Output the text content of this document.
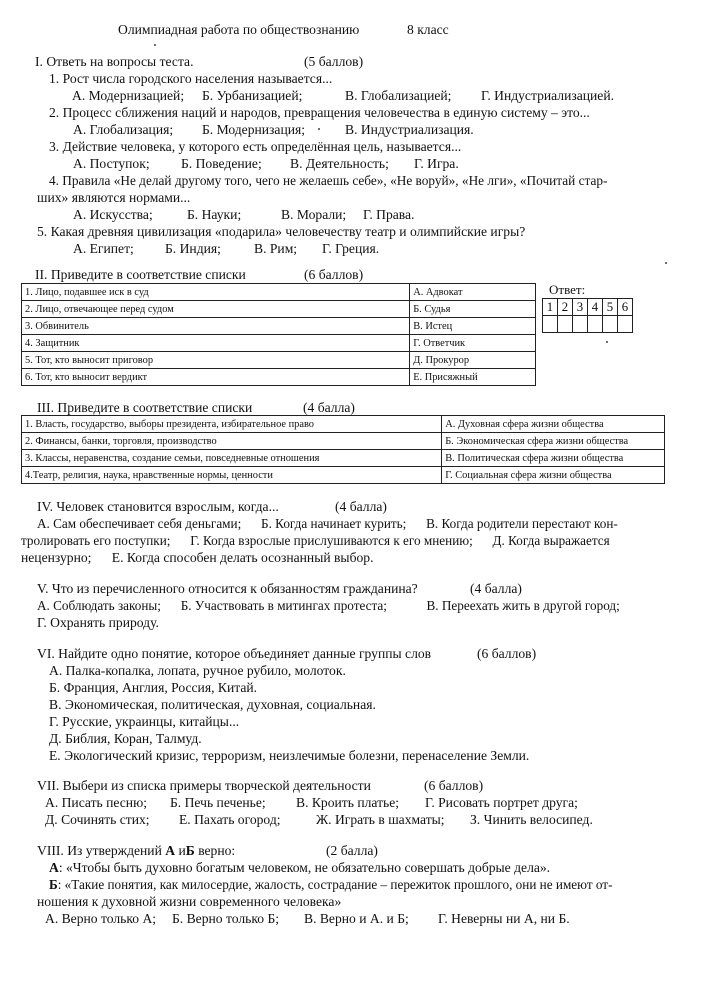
Олимпиадная работа по обществознанию	8 класс
I. Ответь на вопросы теста.	(5 баллов)
1. Рост числа городского населения называется...
А. Модернизацией; Б. Урбанизацией;	В. Глобализацией; Г. Индустриализацией.
2. Процесс сближения наций и народов, превращения человечества в единую систему – это...
А. Глобализация; Б. Модернизация;	В. Индустриализация.
3. Действие человека, у которого есть определённая цель, называется...
А. Поступок; Б. Поведение; В. Деятельность; Г. Игра.
4. Правила «Не делай другому того, чего не желаешь себе», «Не воруй», «Не лги», «Почитай стар-
ших» являются нормами...
А. Искусства;	Б. Науки;	В. Морали; Г. Права.
5. Какая древняя цивилизация «подарила» человечеству театр и олимпийские игры?
А. Египет; Б. Индия; В. Рим; Г. Греция.
II. Приведите в соответствие списки	(6 баллов)
1. Лицо, подавшее иск в суд	А. Адвокат
2. Лицо, отвечающее перед судом	Б. Судья
3. Обвинитель	В. Истец
4. Защитник	Г. Ответчик
5. Тот, кто выносит приговор	Д. Прокурор
6. Тот, кто выносит вердикт	Е. Присяжный
Ответ:
1	2	3	4	5	6

III. Приведите в соответствие списки	(4 балла)
1. Власть, государство, выборы президента, избирательное право	А. Духовная сфера жизни общества
2. Финансы, банки, торговля, производство	Б. Экономическая сфера жизни общества
3. Классы, неравенства, создание семьи, повседневные отношения	В. Политическая сфера жизни общества
4.Театр, религия, наука, нравственные нормы, ценности	Г. Социальная сфера жизни общества
IV. Человек становится взрослым, когда...	(4 балла)
А. Сам обеспечивает себя деньгами;      Б. Когда начинает курить;      В. Когда родители перестают кон-
тролировать его поступки;      Г. Когда взрослые прислушиваются к его мнению;      Д. Когда выражается
нецензурно;      Е. Когда способен делать осознанный выбор.
V. Что из перечисленного относится к обязанностям гражданина?	(4 балла)
А. Соблюдать законы;      Б. Участвовать в митингах протеста;            В. Переехать жить в другой город;
Г. Охранять природу.
VI. Найдите одно понятие, которое объединяет данные группы слов	(6 баллов)
А. Палка-копалка, лопата, ручное рубило, молоток.
Б. Франция, Англия, Россия, Китай.
В. Экономическая, политическая, духовная, социальная.
Г. Русские, украинцы, китайцы...
Д. Библия, Коран, Талмуд.
Е. Экологический кризис, терроризм, неизлечимые болезни, перенаселение Земли.
VII. Выбери из списка примеры творческой деятельности	(6 баллов)
А. Писать песню; Б. Печь печенье; В. Кроить платье; Г. Рисовать портрет друга;
Д. Сочинять стих; Е. Пахать огород;	Ж. Играть в шахматы; З. Чинить велосипед.
VIII. Из утверждений А иБ верно:	(2 балла)
А: «Чтобы быть духовно богатым человеком, не обязательно совершать добрые дела».
Б: «Такие понятия, как милосердие, жалость, сострадание – пережиток прошлого, они не имеют от-
ношения к духовной жизни современного человека»
А. Верно только А; Б. Верно только Б; В. Верно и А. и Б; Г. Неверны ни А, ни Б.
